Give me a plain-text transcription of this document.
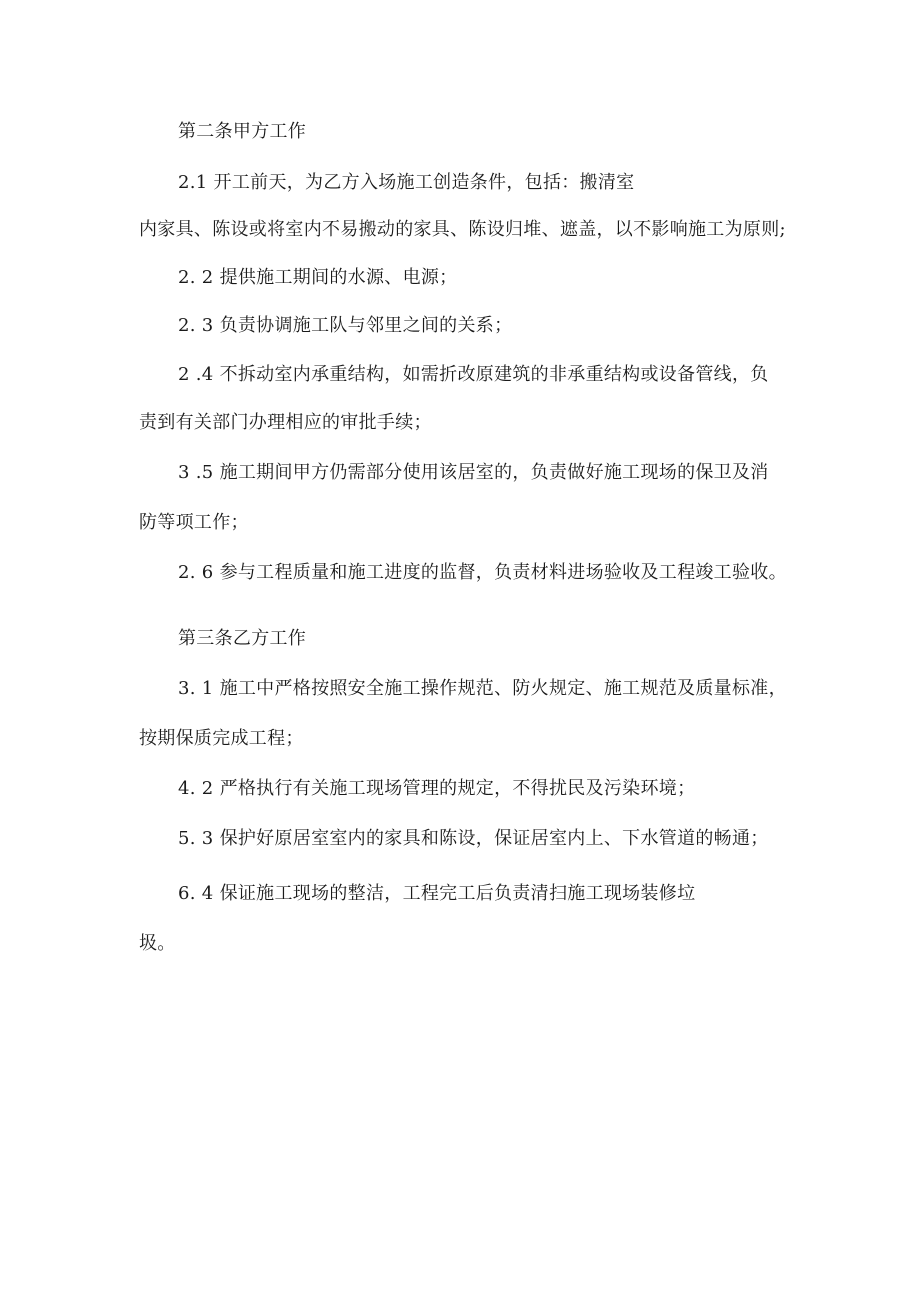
第二条甲方工作
2.1 开工前天，为乙方入场施工创造条件，包括：搬清室
内家具、陈设或将室内不易搬动的家具、陈设归堆、遮盖，以不影响施工为原则;
2. 2 提供施工期间的水源、电源；
2. 3 负责协调施工队与邻里之间的关系；
2 .4 不拆动室内承重结构，如需折改原建筑的非承重结构或设备管线，负
责到有关部门办理相应的审批手续；
3 .5 施工期间甲方仍需部分使用该居室的，负责做好施工现场的保卫及消
防等项工作；
2. 6 参与工程质量和施工进度的监督，负责材料进场验收及工程竣工验收。
第三条乙方工作
3. 1 施工中严格按照安全施工操作规范、防火规定、施工规范及质量标准，
按期保质完成工程；
4. 2 严格执行有关施工现场管理的规定，不得扰民及污染环境；
5. 3 保护好原居室室内的家具和陈设，保证居室内上、下水管道的畅通；
6. 4 保证施工现场的整洁，工程完工后负责清扫施工现场装修垃
圾。
